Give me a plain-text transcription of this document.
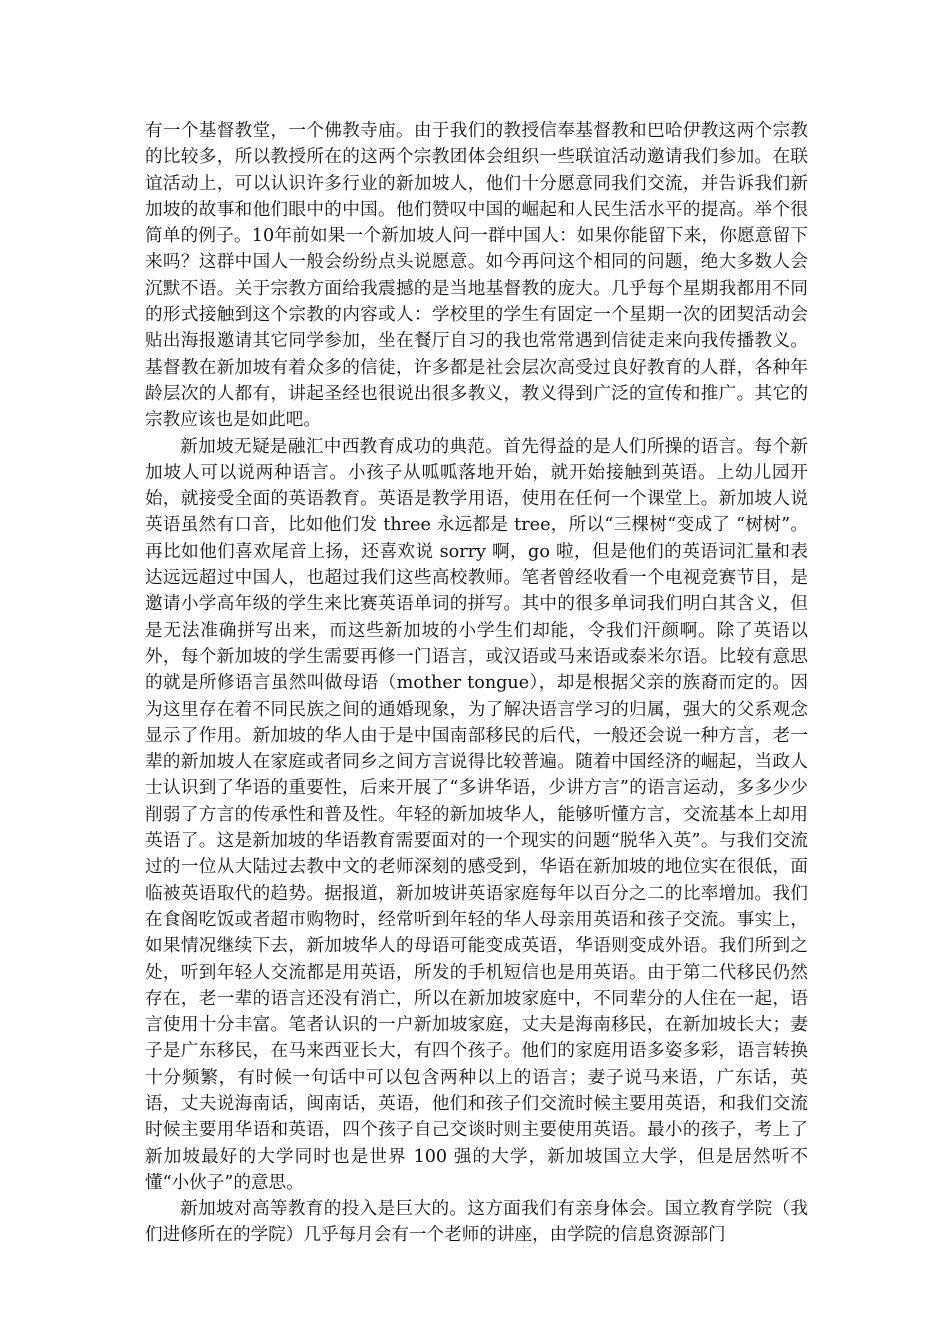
有一个基督教堂，一个佛教寺庙。由于我们的教授信奉基督教和巴哈伊教这两个宗教的比较多，所以教授所在的这两个宗教团体会组织一些联谊活动邀请我们参加。在联谊活动上，可以认识许多行业的新加坡人，他们十分愿意同我们交流，并告诉我们新加坡的故事和他们眼中的中国。他们赞叹中国的崛起和人民生活水平的提高。举个很简单的例子。10年前如果一个新加坡人问一群中国人：如果你能留下来，你愿意留下来吗？这群中国人一般会纷纷点头说愿意。如今再问这个相同的问题，绝大多数人会沉默不语。关于宗教方面给我震撼的是当地基督教的庞大。几乎每个星期我都用不同的形式接触到这个宗教的内容或人：学校里的学生有固定一个星期一次的团契活动会贴出海报邀请其它同学参加，坐在餐厅自习的我也常常遇到信徒走来向我传播教义。基督教在新加坡有着众多的信徒，许多都是社会层次高受过良好教育的人群，各种年龄层次的人都有，讲起圣经也很说出很多教义，教义得到广泛的宣传和推广。其它的宗教应该也是如此吧。

新加坡无疑是融汇中西教育成功的典范。首先得益的是人们所操的语言。每个新加坡人可以说两种语言。小孩子从呱呱落地开始，就开始接触到英语。上幼儿园开始，就接受全面的英语教育。英语是教学用语，使用在任何一个课堂上。新加坡人说英语虽然有口音，比如他们发 three 永远都是 tree，所以“三棵树“变成了 “树树”。再比如他们喜欢尾音上扬，还喜欢说 sorry 啊，go 啦，但是他们的英语词汇量和表达远远超过中国人，也超过我们这些高校教师。笔者曾经收看一个电视竞赛节目，是邀请小学高年级的学生来比赛英语单词的拼写。其中的很多单词我们明白其含义，但是无法准确拼写出来，而这些新加坡的小学生们却能，令我们汗颜啊。除了英语以外，每个新加坡的学生需要再修一门语言，或汉语或马来语或泰米尔语。比较有意思的就是所修语言虽然叫做母语（mother tongue），却是根据父亲的族裔而定的。因为这里存在着不同民族之间的通婚现象，为了解决语言学习的归属，强大的父系观念显示了作用。新加坡的华人由于是中国南部移民的后代，一般还会说一种方言，老一辈的新加坡人在家庭或者同乡之间方言说得比较普遍。随着中国经济的崛起，当政人士认识到了华语的重要性，后来开展了“多讲华语，少讲方言”的语言运动，多多少少削弱了方言的传承性和普及性。年轻的新加坡华人，能够听懂方言，交流基本上却用英语了。这是新加坡的华语教育需要面对的一个现实的问题“脱华入英”。与我们交流过的一位从大陆过去教中文的老师深刻的感受到，华语在新加坡的地位实在很低，面临被英语取代的趋势。据报道，新加坡讲英语家庭每年以百分之二的比率增加。我们在食阁吃饭或者超市购物时，经常听到年轻的华人母亲用英语和孩子交流。事实上，如果情况继续下去，新加坡华人的母语可能变成英语，华语则变成外语。我们所到之处，听到年轻人交流都是用英语，所发的手机短信也是用英语。由于第二代移民仍然存在，老一辈的语言还没有消亡，所以在新加坡家庭中，不同辈分的人住在一起，语言使用十分丰富。笔者认识的一户新加坡家庭，丈夫是海南移民，在新加坡长大；妻子是广东移民，在马来西亚长大，有四个孩子。他们的家庭用语多姿多彩，语言转换十分频繁，有时候一句话中可以包含两种以上的语言；妻子说马来语，广东话，英语，丈夫说海南话，闽南话，英语，他们和孩子们交流时候主要用英语，和我们交流时候主要用华语和英语，四个孩子自己交谈时则主要使用英语。最小的孩子，考上了新加坡最好的大学同时也是世界 100 强的大学，新加坡国立大学，但是居然听不懂“小伙子”的意思。

新加坡对高等教育的投入是巨大的。这方面我们有亲身体会。国立教育学院（我们进修所在的学院）几乎每月会有一个老师的讲座，由学院的信息资源部门
